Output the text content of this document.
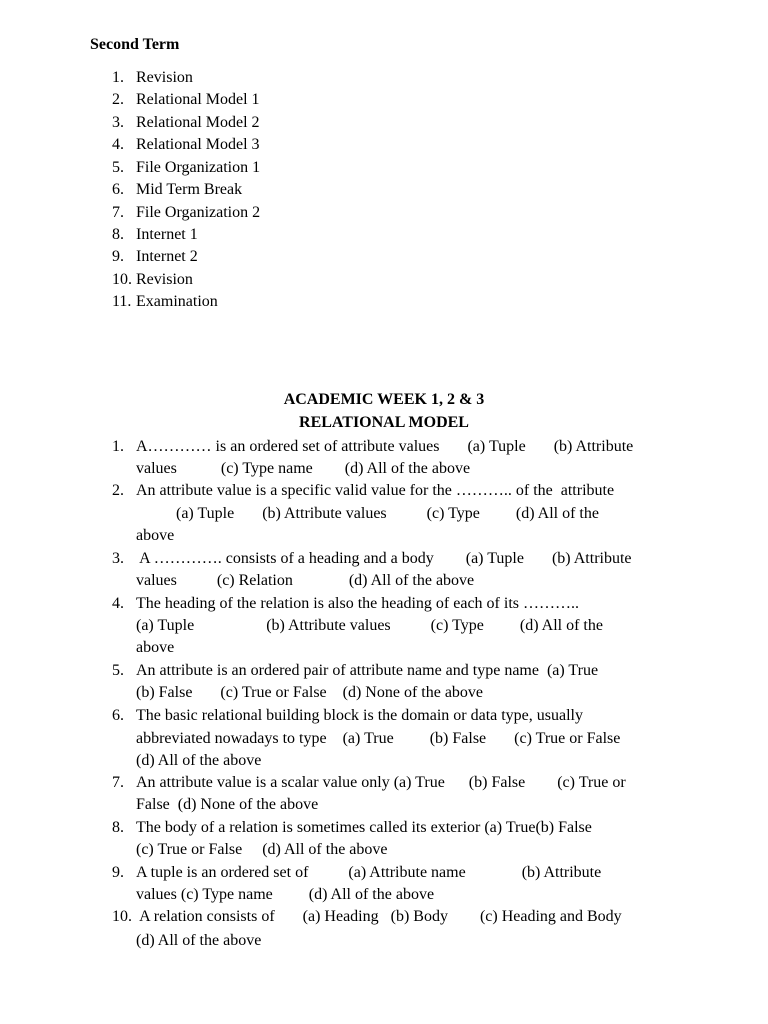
Second Term
1. Revision
2. Relational Model 1
3. Relational Model 2
4. Relational Model 3
5. File Organization 1
6. Mid Term Break
7. File Organization 2
8. Internet 1
9. Internet 2
10. Revision
11. Examination
ACADEMIC WEEK 1, 2 & 3
RELATIONAL MODEL
1. A………… is an ordered set of attribute values       (a) Tuple       (b) Attribute
values           (c) Type name        (d) All of the above
2. An attribute value is a specific valid value for the ……….. of the  attribute
(a) Tuple       (b) Attribute values          (c) Type         (d) All of the
above
3. A …………. consists of a heading and a body        (a) Tuple       (b) Attribute
values          (c) Relation              (d) All of the above
4. The heading of the relation is also the heading of each of its ………..
(a) Tuple                  (b) Attribute values          (c) Type         (d) All of the
above
5. An attribute is an ordered pair of attribute name and type name  (a) True
(b) False       (c) True or False    (d) None of the above
6. The basic relational building block is the domain or data type, usually
abbreviated nowadays to type    (a) True         (b) False       (c) True or False
(d) All of the above
7. An attribute value is a scalar value only (a) True      (b) False        (c) True or
False  (d) None of the above
8. The body of a relation is sometimes called its exterior (a) True(b) False
(c) True or False     (d) All of the above
9. A tuple is an ordered set of          (a) Attribute name              (b) Attribute
values (c) Type name         (d) All of the above
10. A relation consists of       (a) Heading   (b) Body        (c) Heading and Body
(d) All of the above
